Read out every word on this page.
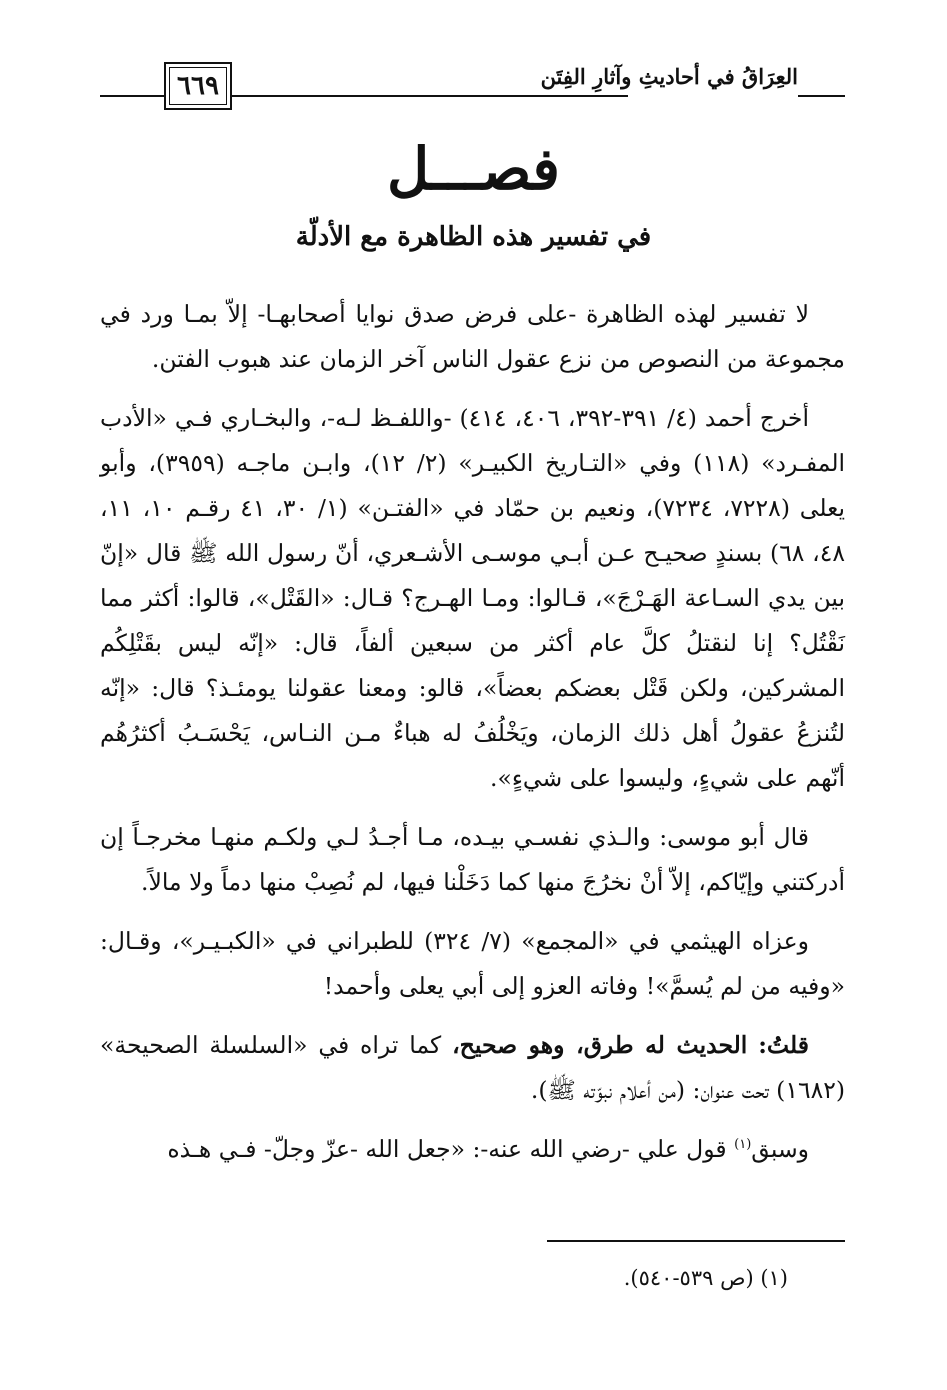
٦٦٩	العِرَاقُ في أحاديثِ وآثارِ الفِتَن
فصـــل
في تفسير هذه الظاهرة مع الأدلّة

لا تفسير لهذه الظاهرة -على فرض صدق نوايا أصحابهـا- إلاّ بمـا ورد في مجموعة من النصوص من نزع عقول الناس آخر الزمان عند هبوب الفتن.

أخرج أحمد (٤/ ٣٩١-٣٩٢، ٤٠٦، ٤١٤) -واللفـظ لـه-، والبخـاري فـي «الأدب المفـرد» (١١٨) وفي «التـاريخ الكبيـر» (٢/ ١٢)، وابـن ماجـه (٣٩٥٩)، وأبو يعلى (٧٢٢٨، ٧٢٣٤)، ونعيم بن حمّاد في «الفتـن» (١/ ٣٠، ٤١ رقـم ١٠، ١١، ٤٨، ٦٨) بسندٍ صحيـح عـن أبـي موسـى الأشـعري، أنّ رسول الله ﷺ قال «إنّ بين يدي السـاعة الهَـرْجَ»، قـالوا: ومـا الهـرج؟ قـال: «القَتْل»، قالوا: أكثر مما نَقْتُل؟ إنا لنقتلُ كلَّ عام أكثر من سبعين ألفاً، قال: «إنّه ليس بقَتْلِكُم المشركين، ولكن قَتْل بعضكم بعضاً»، قالو: ومعنا عقولنا يومئـذ؟ قال: «إنّه لتُنزعُ عقولُ أهل ذلك الزمان، ويَخْلُفُ له هباءٌ مـن النـاس، يَحْسَـبُ أكثرُهُم أنّهم على شيءٍ، وليسوا على شيءٍ».

قال أبو موسى: والـذي نفسـي بيـده، مـا أجـدُ لـي ولكـم منهـا مخرجـاً إن أدركتني وإيّاكم، إلاّ أنْ نخرُجَ منها كما دَخَلْنا فيها، لم نُصِبْ منها دماً ولا مالاً.

وعزاه الهيثمي في «المجمع» (٧/ ٣٢٤) للطبراني في «الكبـيـر»، وقـال: «وفيه من لم يُسمَّ»! وفاته العزو إلى أبي يعلى وأحمد!

قلتُ: الحديث له طرق، وهو صحيح، كما تراه في «السلسلة الصحيحة» (١٦٨٢) تحت عنوان: (من أعلام نبوّته ﷺ).

وسبق$^{(١)}$ قول علي -رضي الله عنه-: «جعل الله -عزّ وجلّ- فـي هـذه

(١) (ص ٥٣٩-٥٤٠).
